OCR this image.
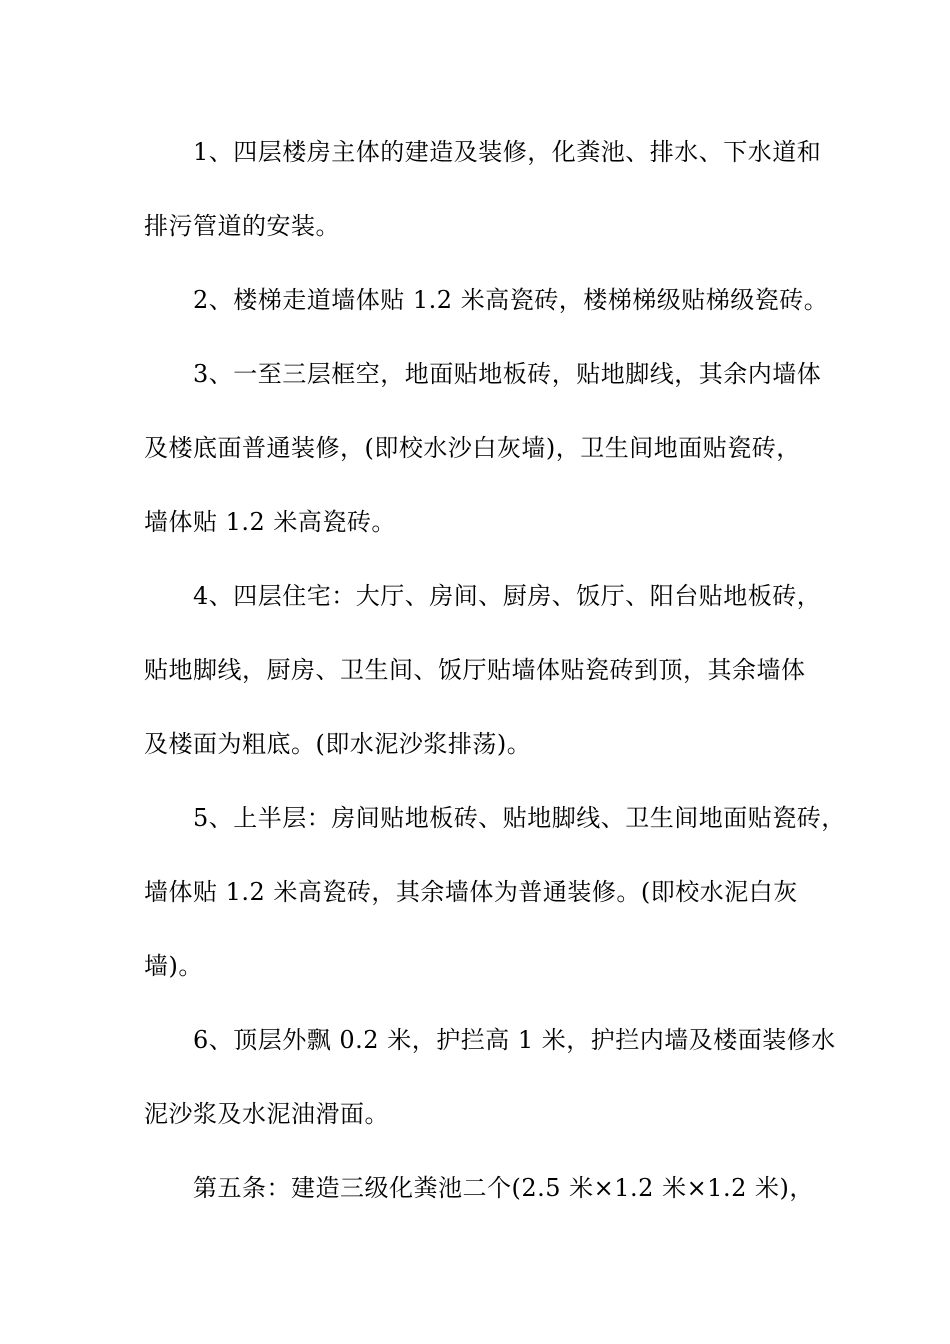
1、四层楼房主体的建造及装修，化粪池、排水、下水道和
排污管道的安装。
2、楼梯走道墙体贴 1.2 米高瓷砖，楼梯梯级贴梯级瓷砖。
3、一至三层框空，地面贴地板砖，贴地脚线，其余内墙体
及楼底面普通装修，(即校水沙白灰墙)，卫生间地面贴瓷砖，
墙体贴 1.2 米高瓷砖。
4、四层住宅：大厅、房间、厨房、饭厅、阳台贴地板砖，
贴地脚线，厨房、卫生间、饭厅贴墙体贴瓷砖到顶，其余墙体
及楼面为粗底。(即水泥沙浆排荡)。
5、上半层：房间贴地板砖、贴地脚线、卫生间地面贴瓷砖，
墙体贴 1.2 米高瓷砖，其余墙体为普通装修。(即校水泥白灰
墙)。
6、顶层外飘 0.2 米，护拦高 1 米，护拦内墙及楼面装修水
泥沙浆及水泥油滑面。
第五条：建造三级化粪池二个(2.5 米×1.2 米×1.2 米)，
